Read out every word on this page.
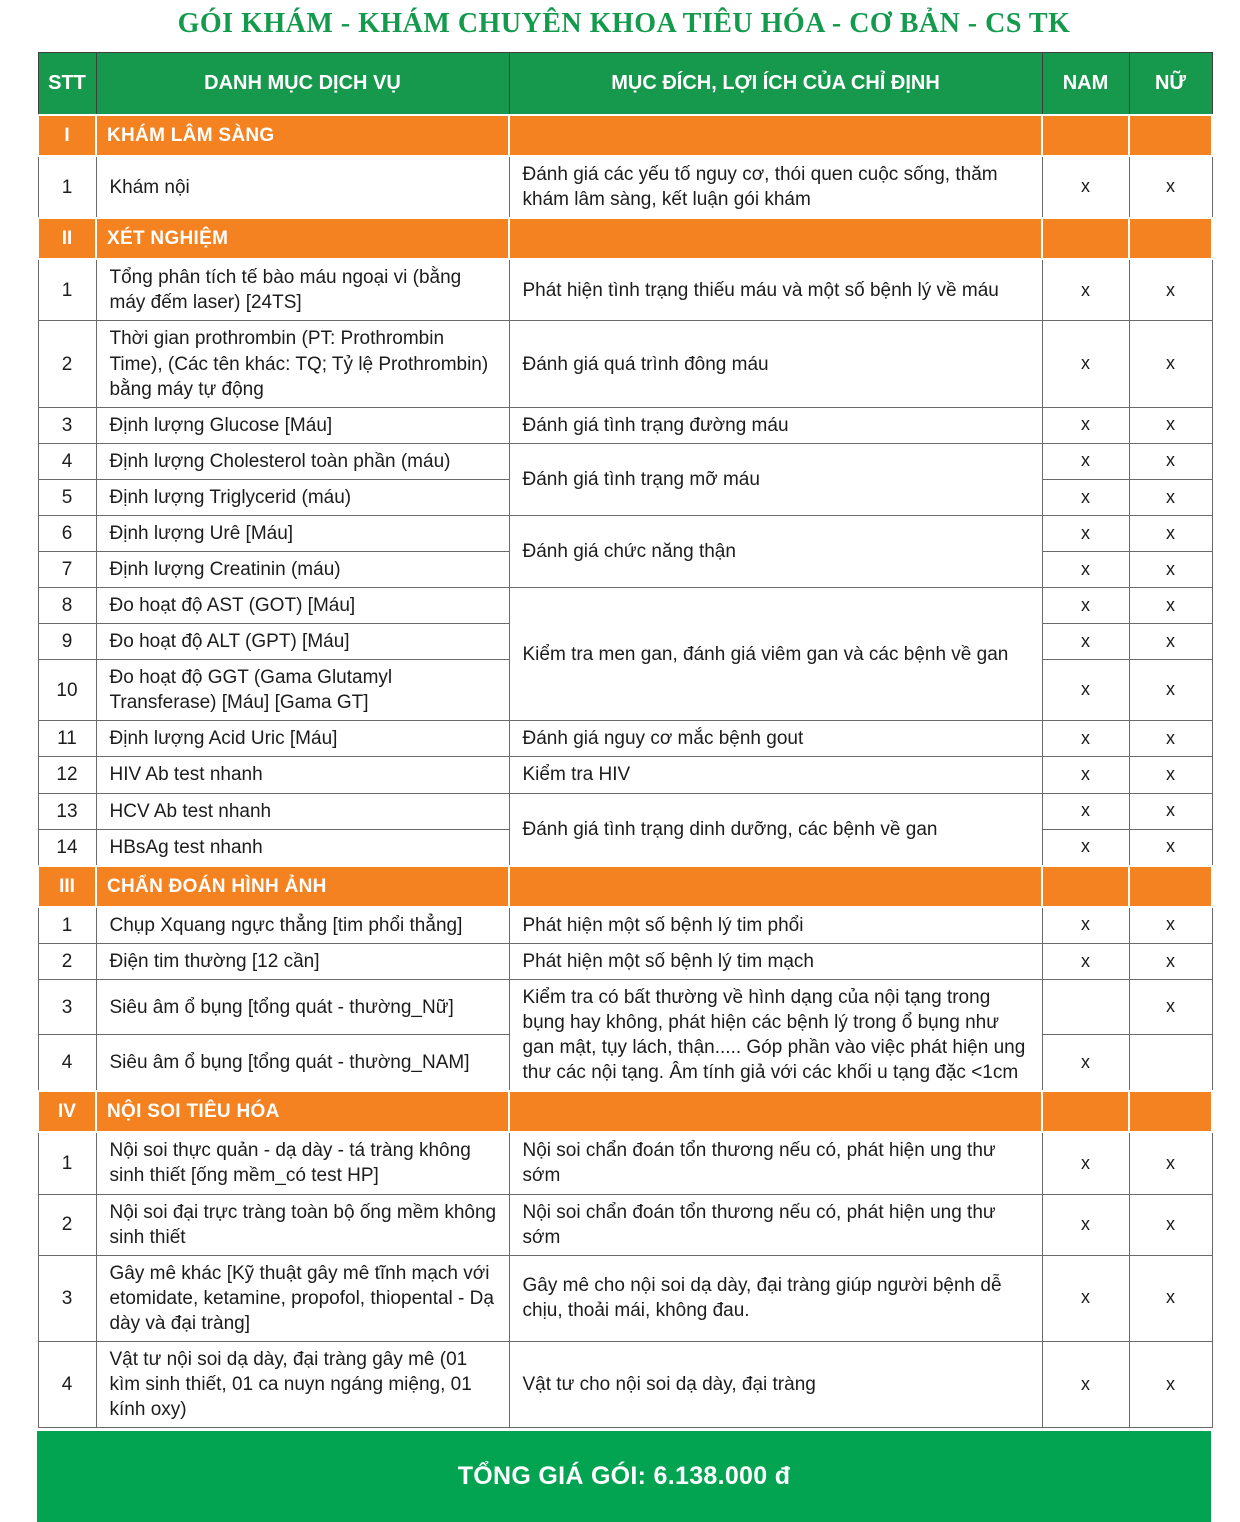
GÓI KHÁM - KHÁM CHUYÊN KHOA TIÊU HÓA - CƠ BẢN - CS TK
STT	DANH MỤC DỊCH VỤ	MỤC ĐÍCH, LỢI ÍCH CỦA CHỈ ĐỊNH	NAM	NỮ
I	KHÁM LÂM SÀNG			
1	Khám nội	Đánh giá các yếu tố nguy cơ, thói quen cuộc sống, thăm khám lâm sàng, kết luận gói khám	x	x
II	XÉT NGHIỆM			
1	Tổng phân tích tế bào máu ngoại vi (bằng máy đếm laser) [24TS]	Phát hiện tình trạng thiếu máu và một số bệnh lý về máu	x	x
2	Thời gian prothrombin (PT: Prothrombin Time), (Các tên khác: TQ; Tỷ lệ Prothrombin) bằng máy tự động	Đánh giá quá trình đông máu	x	x
3	Định lượng Glucose [Máu]	Đánh giá tình trạng đường máu	x	x
4	Định lượng Cholesterol toàn phần (máu)	Đánh giá tình trạng mỡ máu	x	x
5	Định lượng Triglycerid (máu)		x	x
6	Định lượng Urê [Máu]	Đánh giá chức năng thận	x	x
7	Định lượng Creatinin (máu)		x	x
8	Đo hoạt độ AST (GOT) [Máu]	Kiểm tra men gan, đánh giá viêm gan và các bệnh về gan	x	x
9	Đo hoạt độ ALT (GPT) [Máu]		x	x
10	Đo hoạt độ GGT (Gama Glutamyl Transferase) [Máu] [Gama GT]		x	x
11	Định lượng Acid Uric [Máu]	Đánh giá nguy cơ mắc bệnh gout	x	x
12	HIV Ab test nhanh	Kiểm tra HIV	x	x
13	HCV Ab test nhanh	Đánh giá tình trạng dinh dưỡng, các bệnh về gan	x	x
14	HBsAg test nhanh		x	x
III	CHẨN ĐOÁN HÌNH ẢNH			
1	Chụp Xquang ngực thẳng [tim phổi thẳng]	Phát hiện một số bệnh lý tim phổi	x	x
2	Điện tim thường [12 cần]	Phát hiện một số bệnh lý tim mạch	x	x
3	Siêu âm ổ bụng [tổng quát - thường_Nữ]	Kiểm tra có bất thường về hình dạng của nội tạng trong bụng hay không, phát hiện các bệnh lý trong ổ bụng như gan mật, tụy lách, thận..... Góp phần vào việc phát hiện ung thư các nội tạng. Âm tính giả với các khối u tạng đặc <1cm		x
4	Siêu âm ổ bụng [tổng quát - thường_NAM]		x	
IV	NỘI SOI TIÊU HÓA			
1	Nội soi thực quản - dạ dày - tá tràng không sinh thiết [ống mềm_có test HP]	Nội soi chẩn đoán tổn thương nếu có, phát hiện ung thư sớm	x	x
2	Nội soi đại trực tràng toàn bộ ống mềm không sinh thiết	Nội soi chẩn đoán tổn thương nếu có, phát hiện ung thư sớm	x	x
3	Gây mê khác [Kỹ thuật gây mê tĩnh mạch với etomidate, ketamine, propofol, thiopental - Dạ dày và đại tràng]	Gây mê cho nội soi dạ dày, đại tràng giúp người bệnh dễ chịu, thoải mái, không đau.	x	x
4	Vật tư nội soi dạ dày, đại tràng gây mê (01 kìm sinh thiết, 01 ca nuyn ngáng miệng, 01 kính oxy)	Vật tư cho nội soi dạ dày, đại tràng	x	x
TỔNG GIÁ GÓI: 6.138.000 đ
